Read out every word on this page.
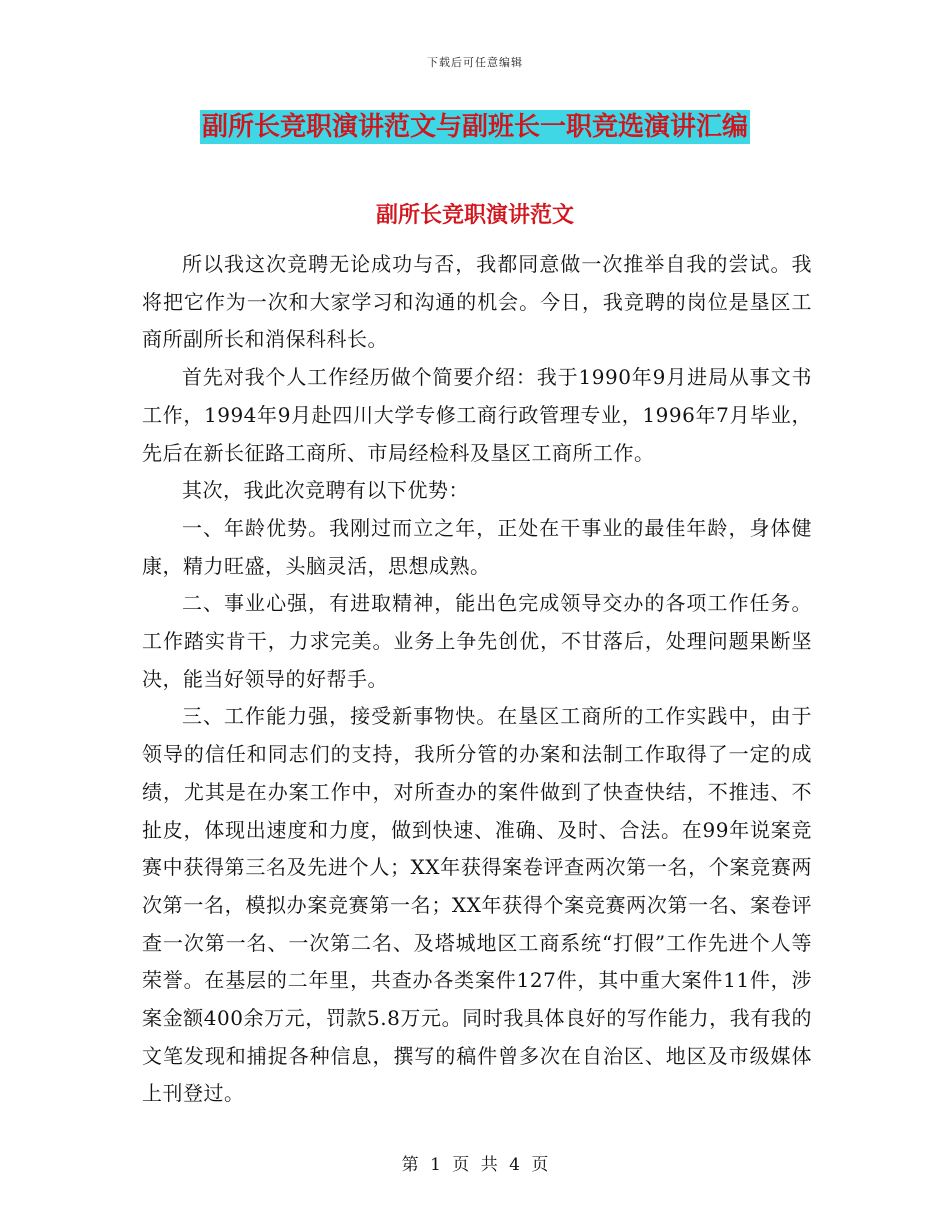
下载后可任意编辑
副所长竞职演讲范文与副班长一职竞选演讲汇编
副所长竞职演讲范文

所以我这次竞聘无论成功与否，我都同意做一次推举自我的尝试。我将把它作为一次和大家学习和沟通的机会。今日，我竞聘的岗位是垦区工商所副所长和消保科科长。

首先对我个人工作经历做个简要介绍：我于1990年9月进局从事文书工作，1994年9月赴四川大学专修工商行政管理专业，1996年7月毕业，先后在新长征路工商所、市局经检科及垦区工商所工作。

其次，我此次竞聘有以下优势：

一、年龄优势。我刚过而立之年，正处在干事业的最佳年龄，身体健康，精力旺盛，头脑灵活，思想成熟。

二、事业心强，有进取精神，能出色完成领导交办的各项工作任务。工作踏实肯干，力求完美。业务上争先创优，不甘落后，处理问题果断坚决，能当好领导的好帮手。

三、工作能力强，接受新事物快。在垦区工商所的工作实践中，由于领导的信任和同志们的支持，我所分管的办案和法制工作取得了一定的成绩，尤其是在办案工作中，对所查办的案件做到了快查快结，不推违、不扯皮，体现出速度和力度，做到快速、准确、及时、合法。在99年说案竞赛中获得第三名及先进个人；XX年获得案卷评查两次第一名，个案竞赛两次第一名，模拟办案竞赛第一名；XX年获得个案竞赛两次第一名、案卷评查一次第一名、一次第二名、及塔城地区工商系统“打假”工作先进个人等荣誉。在基层的二年里，共查办各类案件127件，其中重大案件11件，涉案金额400余万元，罚款5.8万元。同时我具体良好的写作能力，我有我的文笔发现和捕捉各种信息，撰写的稿件曾多次在自治区、地区及市级媒体上刊登过。

第 1 页 共 4 页
